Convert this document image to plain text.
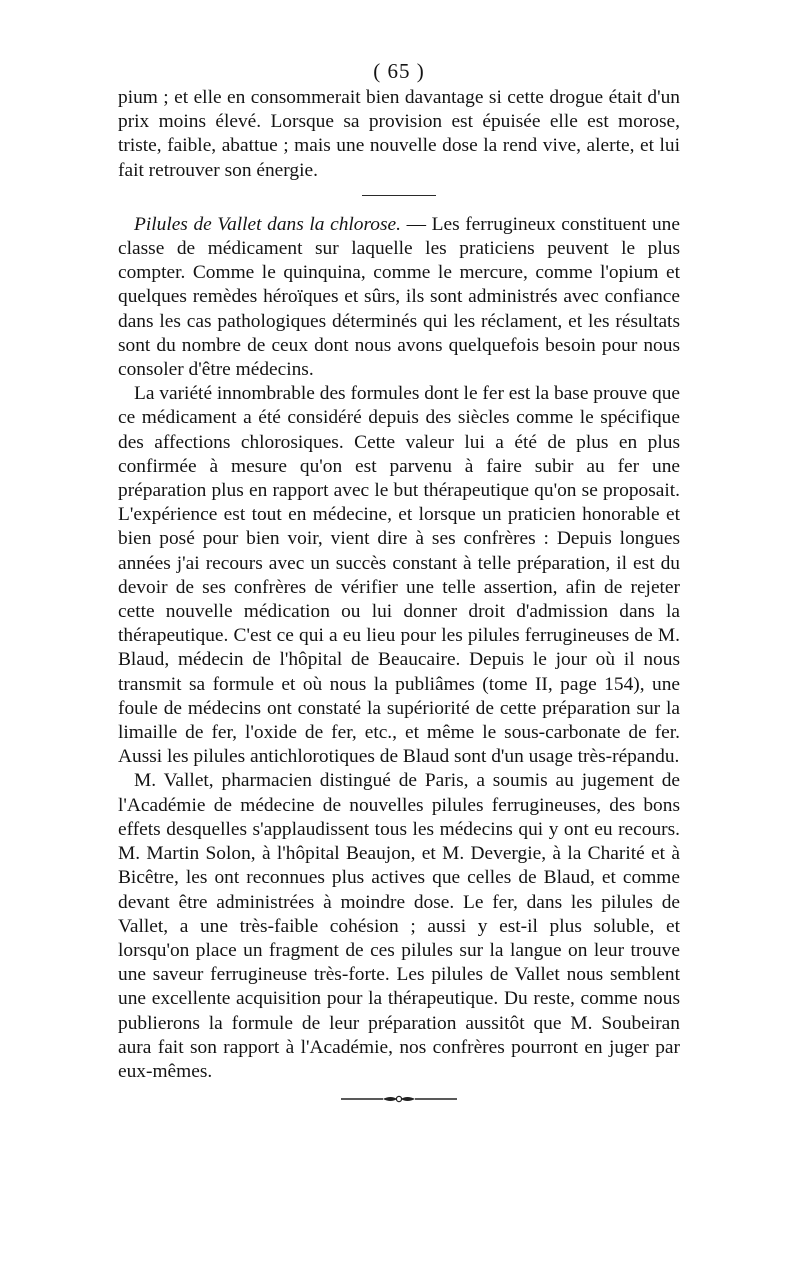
( 65 )

pium ; et elle en consommerait bien davantage si cette drogue était d'un prix moins élevé. Lorsque sa provision est épuisée elle est morose, triste, faible, abattue ; mais une nouvelle dose la rend vive, alerte, et lui fait retrouver son énergie.

Pilules de Vallet dans la chlorose. — Les ferrugineux constituent une classe de médicament sur laquelle les praticiens peuvent le plus compter. Comme le quinquina, comme le mercure, comme l'opium et quelques remèdes héroïques et sûrs, ils sont administrés avec confiance dans les cas pathologiques déterminés qui les réclament, et les résultats sont du nombre de ceux dont nous avons quelquefois besoin pour nous consoler d'être médecins.

La variété innombrable des formules dont le fer est la base prouve que ce médicament a été considéré depuis des siècles comme le spécifique des affections chlorosiques. Cette valeur lui a été de plus en plus confirmée à mesure qu'on est parvenu à faire subir au fer une préparation plus en rapport avec le but thérapeutique qu'on se proposait. L'expérience est tout en médecine, et lorsque un praticien honorable et bien posé pour bien voir, vient dire à ses confrères : Depuis longues années j'ai recours avec un succès constant à telle préparation, il est du devoir de ses confrères de vérifier une telle assertion, afin de rejeter cette nouvelle médication ou lui donner droit d'admission dans la thérapeutique. C'est ce qui a eu lieu pour les pilules ferrugineuses de M. Blaud, médecin de l'hôpital de Beaucaire. Depuis le jour où il nous transmit sa formule et où nous la publiâmes (tome II, page 154), une foule de médecins ont constaté la supériorité de cette préparation sur la limaille de fer, l'oxide de fer, etc., et même le sous-carbonate de fer. Aussi les pilules antichlorotiques de Blaud sont d'un usage très-répandu.

M. Vallet, pharmacien distingué de Paris, a soumis au jugement de l'Académie de médecine de nouvelles pilules ferrugineuses, des bons effets desquelles s'applaudissent tous les médecins qui y ont eu recours. M. Martin Solon, à l'hôpital Beaujon, et M. Devergie, à la Charité et à Bicêtre, les ont reconnues plus actives que celles de Blaud, et comme devant être administrées à moindre dose. Le fer, dans les pilules de Vallet, a une très-faible cohésion ; aussi y est-il plus soluble, et lorsqu'on place un fragment de ces pilules sur la langue on leur trouve une saveur ferrugineuse très-forte. Les pilules de Vallet nous semblent une excellente acquisition pour la thérapeutique. Du reste, comme nous publierons la formule de leur préparation aussitôt que M. Soubeiran aura fait son rapport à l'Académie, nos confrères pourront en juger par eux-mêmes.
